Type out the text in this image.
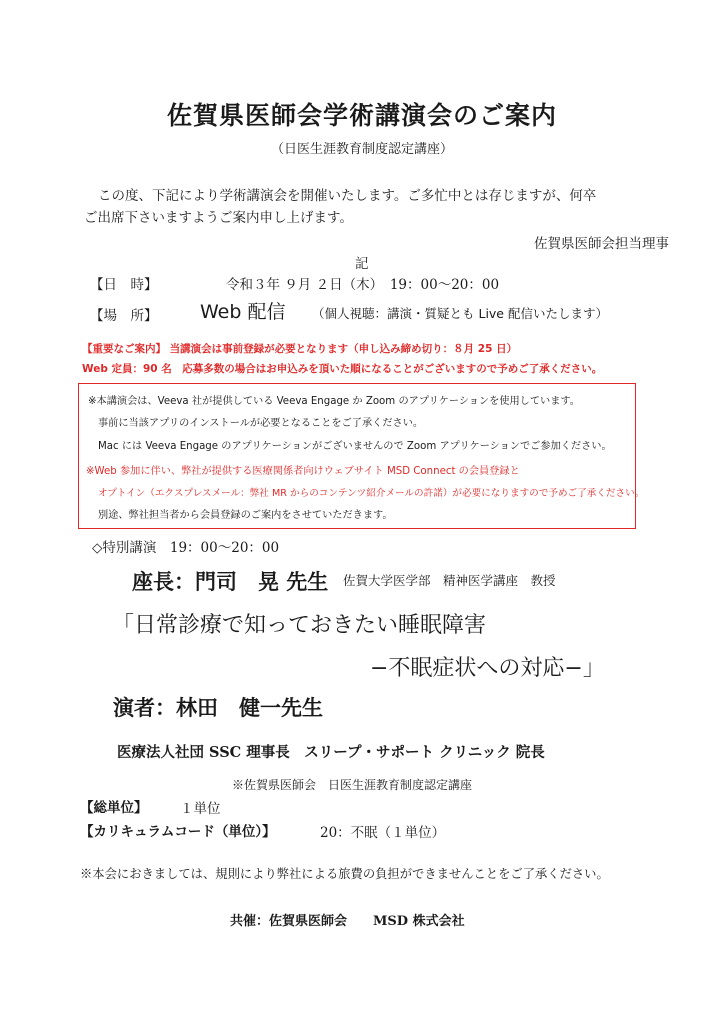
佐賀県医師会学術講演会のご案内
（日医生涯教育制度認定講座）
この度、下記により学術講演会を開催いたします。ご多忙中とは存じますが、何卒
ご出席下さいますようご案内申し上げます。
佐賀県医師会担当理事
記
【日　時】	令和３年 ９月 ２日（木）　19：00〜20：00
【場　所】 Web 配信 （個人視聴：講演・質疑とも Live 配信いたします）
【重要なご案内】 当講演会は事前登録が必要となります（申し込み締め切り：８月 25 日）
Web 定員：90 名　応募多数の場合はお申込みを頂いた順になることがございますので予めご了承ください。
※本講演会は、Veeva 社が提供している Veeva Engage か Zoom のアプリケーションを使用しています。
事前に当該アプリのインストールが必要となることをご了承ください。
Mac には Veeva Engage のアプリケーションがございませんので Zoom アプリケーションでご参加ください。
※Web 参加に伴い、弊社が提供する医療関係者向けウェブサイト MSD Connect の会員登録と
オプトイン（エクスプレスメール：弊社 MR からのコンテンツ紹介メールの許諾）が必要になりますので予めご了承ください。
別途、弊社担当者から会員登録のご案内をさせていただきます。
◇特別講演　19：00〜20：00
座長：門司　晃 先生 佐賀大学医学部　精神医学講座　教授
「日常診療で知っておきたい睡眠障害
−不眠症状への対応−」
演者：林田　健一先生
医療法人社団 SSC 理事長　スリープ・サポート クリニック 院長
※佐賀県医師会　日医生涯教育制度認定講座
【総単位】 １単位
【カリキュラムコード（単位）】	20：不眠（１単位）
※本会におきましては、規則により弊社による旅費の負担ができませんことをご了承ください。
共催：佐賀県医師会　　MSD 株式会社
